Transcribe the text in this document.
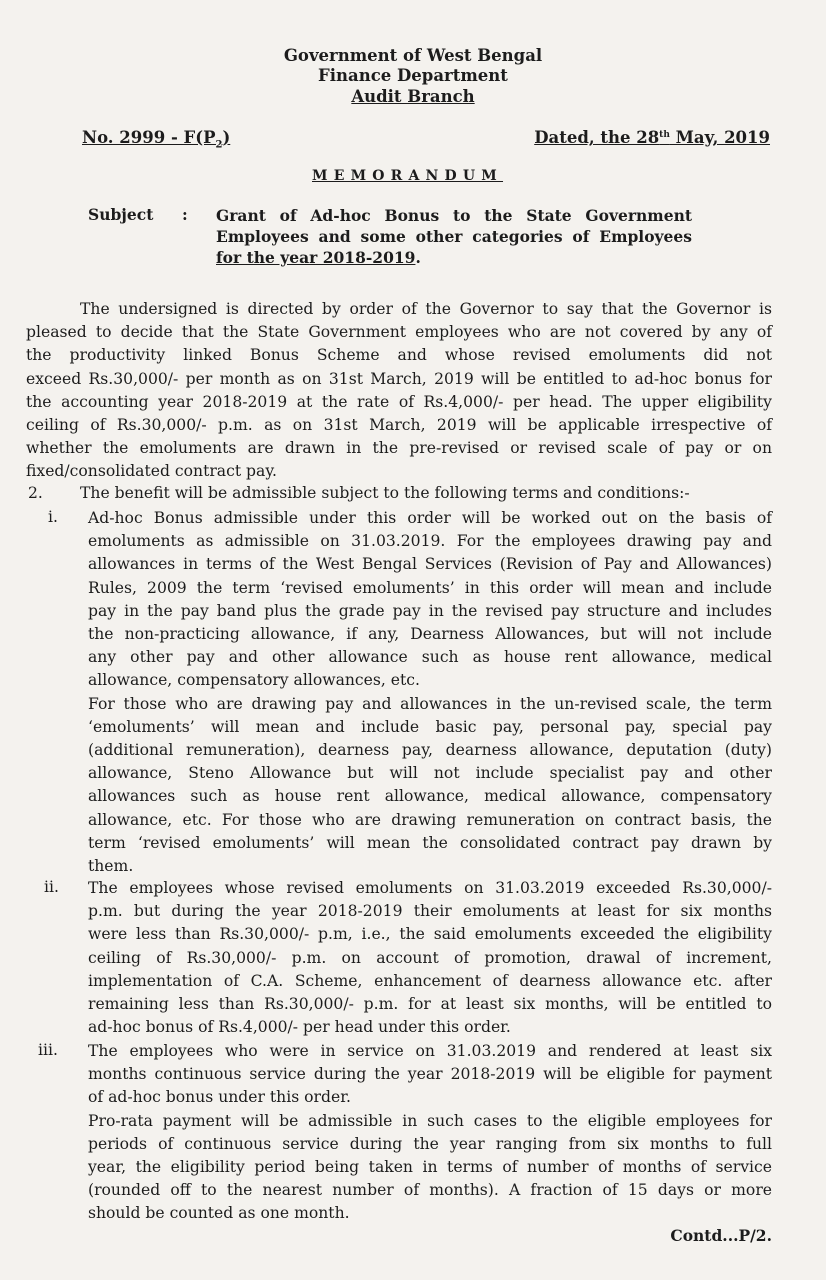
Government of West Bengal
Finance Department
Audit Branch
No. $2999 - F(P_2)$	Dated, the 28th May, 2019
MEMORANDUM
Subject : Grant of Ad-hoc Bonus to the State Government
Employees and some other categories of Employees
for the year 2018-2019.
The undersigned is directed by order of the Governor to say that the Governor is
pleased to decide that the State Government employees who are not covered by any of
the productivity linked Bonus Scheme and whose revised emoluments did not
exceed Rs.30,000/- per month as on 31st March, 2019 will be entitled to ad-hoc bonus for
the accounting year 2018-2019 at the rate of Rs.4,000/- per head. The upper eligibility
ceiling of Rs.30,000/- p.m. as on 31st March, 2019 will be applicable irrespective of
whether the emoluments are drawn in the pre-revised or revised scale of pay or on
fixed/consolidated contract pay.
2. The benefit will be admissible subject to the following terms and conditions:-
i. Ad-hoc Bonus admissible under this order will be worked out on the basis of
emoluments as admissible on 31.03.2019. For the employees drawing pay and
allowances in terms of the West Bengal Services (Revision of Pay and Allowances)
Rules, 2009 the term ‘revised emoluments’ in this order will mean and include
pay in the pay band plus the grade pay in the revised pay structure and includes
the non-practicing allowance, if any, Dearness Allowances, but will not include
any other pay and other allowance such as house rent allowance, medical
allowance, compensatory allowances, etc.
For those who are drawing pay and allowances in the un-revised scale, the term
‘emoluments’ will mean and include basic pay, personal pay, special pay
(additional remuneration), dearness pay, dearness allowance, deputation (duty)
allowance, Steno Allowance but will not include specialist pay and other
allowances such as house rent allowance, medical allowance, compensatory
allowance, etc. For those who are drawing remuneration on contract basis, the
term ‘revised emoluments’ will mean the consolidated contract pay drawn by
them.
ii. The employees whose revised emoluments on 31.03.2019 exceeded Rs.30,000/-
p.m. but during the year 2018-2019 their emoluments at least for six months
were less than Rs.30,000/- p.m, i.e., the said emoluments exceeded the eligibility
ceiling of Rs.30,000/- p.m. on account of promotion, drawal of increment,
implementation of C.A. Scheme, enhancement of dearness allowance etc. after
remaining less than Rs.30,000/- p.m. for at least six months, will be entitled to
ad-hoc bonus of Rs.4,000/- per head under this order.
iii. The employees who were in service on 31.03.2019 and rendered at least six
months continuous service during the year 2018-2019 will be eligible for payment
of ad-hoc bonus under this order.
Pro-rata payment will be admissible in such cases to the eligible employees for
periods of continuous service during the year ranging from six months to full
year, the eligibility period being taken in terms of number of months of service
(rounded off to the nearest number of months). A fraction of 15 days or more
should be counted as one month.
Contd...P/2.
